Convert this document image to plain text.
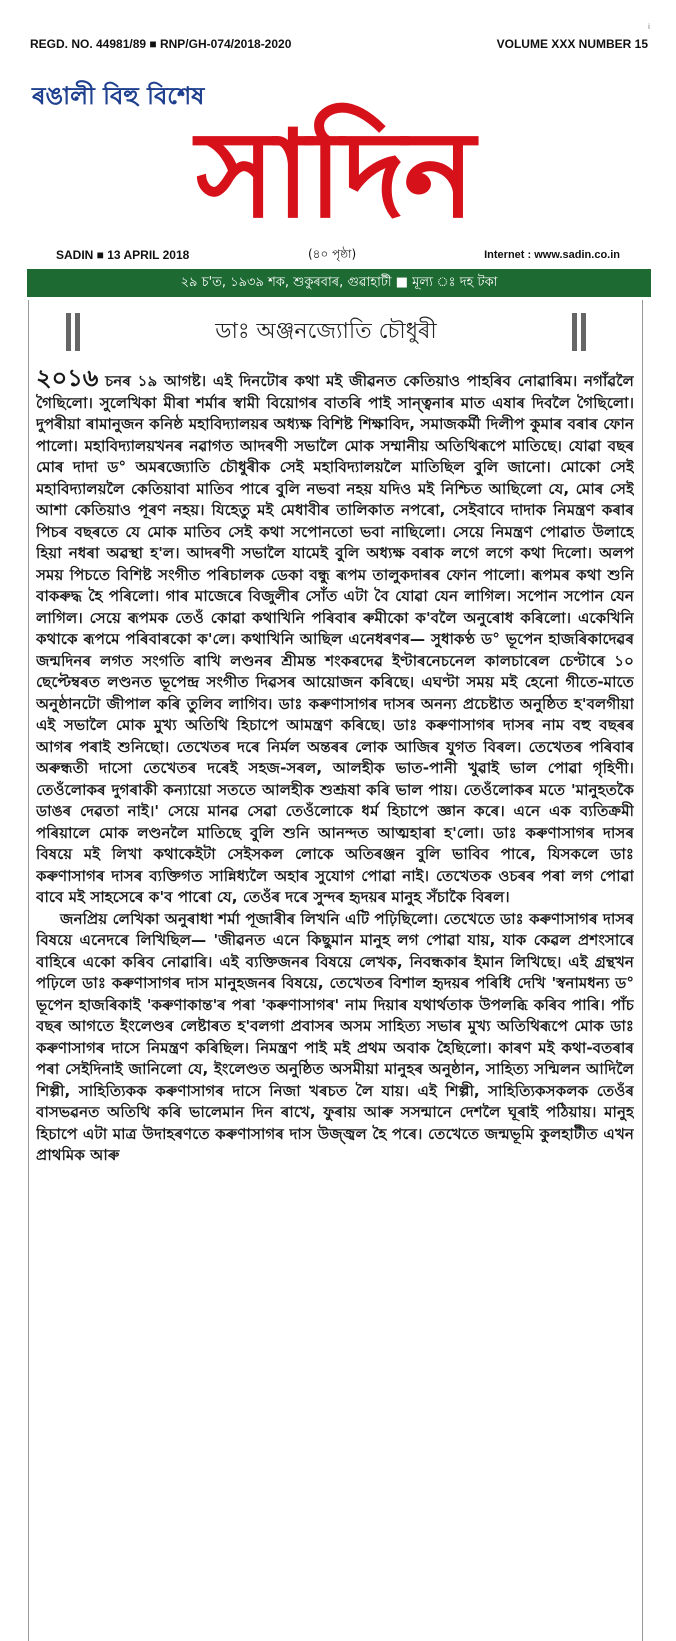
i
REGD. NO. 44981/89 ■ RNP/GH-074/2018-2020	VOLUME XXX NUMBER 15
ৰঙালী বিহু বিশেষ
সাদিন
SADIN ■ 13 APRIL 2018	(৪০ পৃষ্ঠা)	Internet : www.sadin.co.in
২৯ চ'ত, ১৯৩৯ শক, শুকুৰবাৰ, গুৱাহাটী ■ মূল্য ঃ দহ টকা
ডাঃ অঞ্জনজ্যোতি চৌধুৰী

২০১৬ চনৰ ১৯ আগষ্ট। এই দিনটোৰ কথা মই জীৱনত কেতিয়াও পাহৰিব নোৱাৰিম। নগাঁৱলৈ গৈছিলো। সুলেখিকা মীৰা শৰ্মাৰ স্বামী বিয়োগৰ বাতৰি পাই সান্ত্বনাৰ মাত এষাৰ দিবলৈ গৈছিলো। দুপৰীয়া ৰামানুজন কনিষ্ঠ মহাবিদ্যালয়ৰ অধ্যক্ষ বিশিষ্ট শিক্ষাবিদ, সমাজকৰ্মী দিলীপ কুমাৰ বৰাৰ ফোন পালো। মহাবিদ্যালয়খনৰ নৱাগত আদৰণী সভালৈ মোক সম্মানীয় অতিথিৰূপে মাতিছে। যোৱা বছৰ মোৰ দাদা ড° অমৰজ্যোতি চৌধুৰীক সেই মহাবিদ্যালয়লৈ মাতিছিল বুলি জানো। মোকো সেই মহাবিদ্যালয়লৈ কেতিয়াবা মাতিব পাৰে বুলি নভবা নহয় যদিও মই নিশ্চিত আছিলো যে, মোৰ সেই আশা কেতিয়াও পূৰণ নহয়। যিহেতু মই মেধাবীৰ তালিকাত নপৰো, সেইবাবে দাদাক নিমন্ত্ৰণ কৰাৰ পিচৰ বছৰতে যে মোক মাতিব সেই কথা সপোনতো ভবা নাছিলো। সেয়ে নিমন্ত্ৰণ পোৱাত উলাহে হিয়া নধৰা অৱস্থা হ'ল। আদৰণী সভালৈ যামেই বুলি অধ্যক্ষ বৰাক লগে লগে কথা দিলো। অলপ সময় পিচতে বিশিষ্ট সংগীত পৰিচালক ডেকা বন্ধু ৰূপম তালুকদাৰৰ ফোন পালো। ৰূপমৰ কথা শুনি বাকৰুদ্ধ হৈ পৰিলো। গাৰ মাজেৰে বিজুলীৰ সোঁত এটা বৈ যোৱা যেন লাগিল। সপোন সপোন যেন লাগিল। সেয়ে ৰূপমক তেওঁ কোৱা কথাখিনি পৰিবাৰ ৰুমীকো ক'বলৈ অনুৰোধ কৰিলো। একেখিনি কথাকে ৰূপমে পৰিবাৰকো ক'লে। কথাখিনি আছিল এনেধৰণৰ— সুধাকণ্ঠ ড° ভূপেন হাজৰিকাদেৱৰ জন্মদিনৰ লগত সংগতি ৰাখি লণ্ডনৰ শ্ৰীমন্ত শংকৰদেৱ ইণ্টাৰনেচনেল কালচাৰেল চেণ্টাৰে ১০ ছেপ্টেম্বৰত লণ্ডনত ভূপেন্দ্ৰ সংগীত দিৱসৰ আয়োজন কৰিছে। এঘণ্টা সময় মই হেনো গীতে-মাতে অনুষ্ঠানটো জীপাল কৰি তুলিব লাগিব। ডাঃ কৰুণাসাগৰ দাসৰ অনন্য প্ৰচেষ্টাত অনুষ্ঠিত হ'বলগীয়া এই সভালৈ মোক মুখ্য অতিথি হিচাপে আমন্ত্ৰণ কৰিছে। ডাঃ কৰুণাসাগৰ দাসৰ নাম বহু বছৰৰ আগৰ পৰাই শুনিছো। তেখেতৰ দৰে নিৰ্মল অন্তৰৰ লোক আজিৰ যুগত বিৰল। তেখেতৰ পৰিবাৰ অৰুন্ধতী দাসো তেখেতৰ দৰেই সহজ-সৰল, আলহীক ভাত-পানী খুৱাই ভাল পোৱা গৃহিণী। তেওঁলোকৰ দুগৰাকী কন্যায়ো সততে আলহীক শুশ্ৰূষা কৰি ভাল পায়। তেওঁলোকৰ মতে 'মানুহতকৈ ডাঙৰ দেৱতা নাই।' সেয়ে মানৱ সেৱা তেওঁলোকে ধৰ্ম হিচাপে জ্ঞান কৰে। এনে এক ব্যতিক্ৰমী পৰিয়ালে মোক লণ্ডনলৈ মাতিছে বুলি শুনি আনন্দত আত্মহাৰা হ'লো। ডাঃ কৰুণাসাগৰ দাসৰ বিষয়ে মই লিখা কথাকেইটা সেইসকল লোকে অতিৰঞ্জন বুলি ভাবিব পাৰে, যিসকলে ডাঃ কৰুণাসাগৰ দাসৰ ব্যক্তিগত সান্নিধ্যলৈ অহাৰ সুযোগ পোৱা নাই। তেখেতক ওচৰৰ পৰা লগ পোৱা বাবে মই সাহসেৰে ক'ব পাৰো যে, তেওঁৰ দৰে সুন্দৰ হৃদয়ৰ মানুহ সঁচাকৈ বিৰল।

জনপ্ৰিয় লেখিকা অনুৰাধা শৰ্মা পূজাৰীৰ লিখনি এটি পঢ়িছিলো। তেখেতে ডাঃ কৰুণাসাগৰ দাসৰ বিষয়ে এনেদৰে লিখিছিল— 'জীৱনত এনে কিছুমান মানুহ লগ পোৱা যায়, যাক কেৱল প্ৰশংসাৰে বাহিৰে একো কৰিব নোৱাৰি। এই ব্যক্তিজনৰ বিষয়ে লেখক, নিবন্ধকাৰ ইমান লিখিছে। এই গ্ৰন্থখন পঢ়িলে ডাঃ কৰুণাসাগৰ দাস মানুহজনৰ বিষয়ে, তেখেতৰ বিশাল হৃদয়ৰ পৰিধি দেখি 'স্বনামধন্য ড° ভূপেন হাজৰিকাই 'কৰুণাকান্ত'ৰ পৰা 'কৰুণাসাগৰ' নাম দিয়াৰ যথাৰ্থতাক উপলব্ধি কৰিব পাৰি। পাঁচ বছৰ আগতে ইংলেণ্ডৰ লেষ্টাৰত হ'বলগা প্ৰবাসৰ অসম সাহিত্য সভাৰ মুখ্য অতিথিৰূপে মোক ডাঃ কৰুণাসাগৰ দাসে নিমন্ত্ৰণ কৰিছিল। নিমন্ত্ৰণ পাই মই প্ৰথম অবাক হৈছিলো। কাৰণ মই কথা-বতৰাৰ পৰা সেইদিনাই জানিলো যে, ইংলেণ্ডত অনুষ্ঠিত অসমীয়া মানুহৰ অনুষ্ঠান, সাহিত্য সন্মিলন আদিলৈ শিল্পী, সাহিত্যিকক কৰুণাসাগৰ দাসে নিজা খৰচত লৈ যায়। এই শিল্পী, সাহিত্যিকসকলক তেওঁৰ বাসভৱনত অতিথি কৰি ভালেমান দিন ৰাখে, ফুৰায় আৰু সসন্মানে দেশলৈ ঘূৰাই পঠিয়ায়। মানুহ হিচাপে এটা মাত্ৰ উদাহৰণতে কৰুণাসাগৰ দাস উজ্জ্বল হৈ পৰে। তেখেতে জন্মভূমি কুলহাটীত এখন প্ৰাথমিক আৰু
